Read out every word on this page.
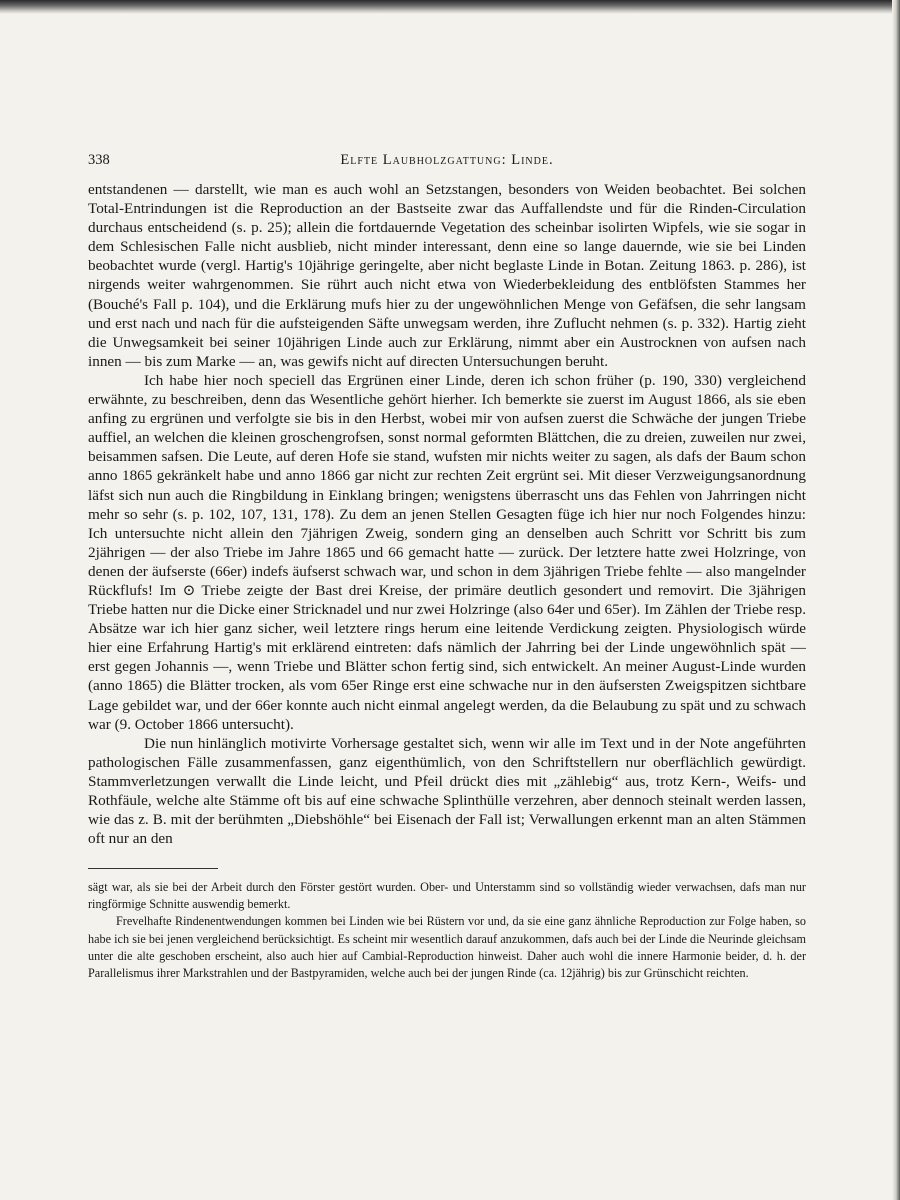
338	Elfte Laubholzgattung: Linde.

entstandenen — darstellt, wie man es auch wohl an Setzstangen, besonders von Weiden beobachtet. Bei solchen Total-Entrindungen ist die Reproduction an der Bastseite zwar das Auffallendste und für die Rinden-Circulation durchaus entscheidend (s. p. 25); allein die fortdauernde Vegetation des scheinbar isolirten Wipfels, wie sie sogar in dem Schlesischen Falle nicht ausblieb, nicht minder interessant, denn eine so lange dauernde, wie sie bei Linden beobachtet wurde (vergl. Hartig's 10jährige geringelte, aber nicht beglaste Linde in Botan. Zeitung 1863. p. 286), ist nirgends weiter wahrgenommen. Sie rührt auch nicht etwa von Wiederbekleidung des entblöfsten Stammes her (Bouché's Fall p. 104), und die Erklärung mufs hier zu der ungewöhnlichen Menge von Gefäfsen, die sehr langsam und erst nach und nach für die aufsteigenden Säfte unwegsam werden, ihre Zuflucht nehmen (s. p. 332). Hartig zieht die Unwegsamkeit bei seiner 10jährigen Linde auch zur Erklärung, nimmt aber ein Austrocknen von aufsen nach innen — bis zum Marke — an, was gewifs nicht auf directen Untersuchungen beruht.

Ich habe hier noch speciell das Ergrünen einer Linde, deren ich schon früher (p. 190, 330) vergleichend erwähnte, zu beschreiben, denn das Wesentliche gehört hierher. Ich bemerkte sie zuerst im August 1866, als sie eben anfing zu ergrünen und verfolgte sie bis in den Herbst, wobei mir von aufsen zuerst die Schwäche der jungen Triebe auffiel, an welchen die kleinen groschengrofsen, sonst normal geformten Blättchen, die zu dreien, zuweilen nur zwei, beisammen safsen. Die Leute, auf deren Hofe sie stand, wufsten mir nichts weiter zu sagen, als dafs der Baum schon anno 1865 gekränkelt habe und anno 1866 gar nicht zur rechten Zeit ergrünt sei. Mit dieser Verzweigungsanordnung läfst sich nun auch die Ringbildung in Einklang bringen; wenigstens überrascht uns das Fehlen von Jahrringen nicht mehr so sehr (s. p. 102, 107, 131, 178). Zu dem an jenen Stellen Gesagten füge ich hier nur noch Folgendes hinzu: Ich untersuchte nicht allein den 7jährigen Zweig, sondern ging an denselben auch Schritt vor Schritt bis zum 2jährigen — der also Triebe im Jahre 1865 und 66 gemacht hatte — zurück. Der letztere hatte zwei Holzringe, von denen der äufserste (66er) indefs äufserst schwach war, und schon in dem 3jährigen Triebe fehlte — also mangelnder Rückflufs! Im ⊙ Triebe zeigte der Bast drei Kreise, der primäre deutlich gesondert und removirt. Die 3jährigen Triebe hatten nur die Dicke einer Stricknadel und nur zwei Holzringe (also 64er und 65er). Im Zählen der Triebe resp. Absätze war ich hier ganz sicher, weil letztere rings herum eine leitende Verdickung zeigten. Physiologisch würde hier eine Erfahrung Hartig's mit erklärend eintreten: dafs nämlich der Jahrring bei der Linde ungewöhnlich spät — erst gegen Johannis —, wenn Triebe und Blätter schon fertig sind, sich entwickelt. An meiner August-Linde wurden (anno 1865) die Blätter trocken, als vom 65er Ringe erst eine schwache nur in den äufsersten Zweigspitzen sichtbare Lage gebildet war, und der 66er konnte auch nicht einmal angelegt werden, da die Belaubung zu spät und zu schwach war (9. October 1866 untersucht).

Die nun hinlänglich motivirte Vorhersage gestaltet sich, wenn wir alle im Text und in der Note angeführten pathologischen Fälle zusammenfassen, ganz eigenthümlich, von den Schriftstellern nur oberflächlich gewürdigt. Stammverletzungen verwallt die Linde leicht, und Pfeil drückt dies mit „zählebig“ aus, trotz Kern-, Weifs- und Rothfäule, welche alte Stämme oft bis auf eine schwache Splinthülle verzehren, aber dennoch steinalt werden lassen, wie das z. B. mit der berühmten „Diebshöhle“ bei Eisenach der Fall ist; Verwallungen erkennt man an alten Stämmen oft nur an den

sägt war, als sie bei der Arbeit durch den Förster gestört wurden. Ober- und Unterstamm sind so vollständig wieder verwachsen, dafs man nur ringförmige Schnitte auswendig bemerkt.

Frevelhafte Rindenentwendungen kommen bei Linden wie bei Rüstern vor und, da sie eine ganz ähnliche Reproduction zur Folge haben, so habe ich sie bei jenen vergleichend berücksichtigt. Es scheint mir wesentlich darauf anzukommen, dafs auch bei der Linde die Neurinde gleichsam unter die alte geschoben erscheint, also auch hier auf Cambial-Reproduction hinweist. Daher auch wohl die innere Harmonie beider, d. h. der Parallelismus ihrer Markstrahlen und der Bastpyramiden, welche auch bei der jungen Rinde (ca. 12jährig) bis zur Grünschicht reichten.
